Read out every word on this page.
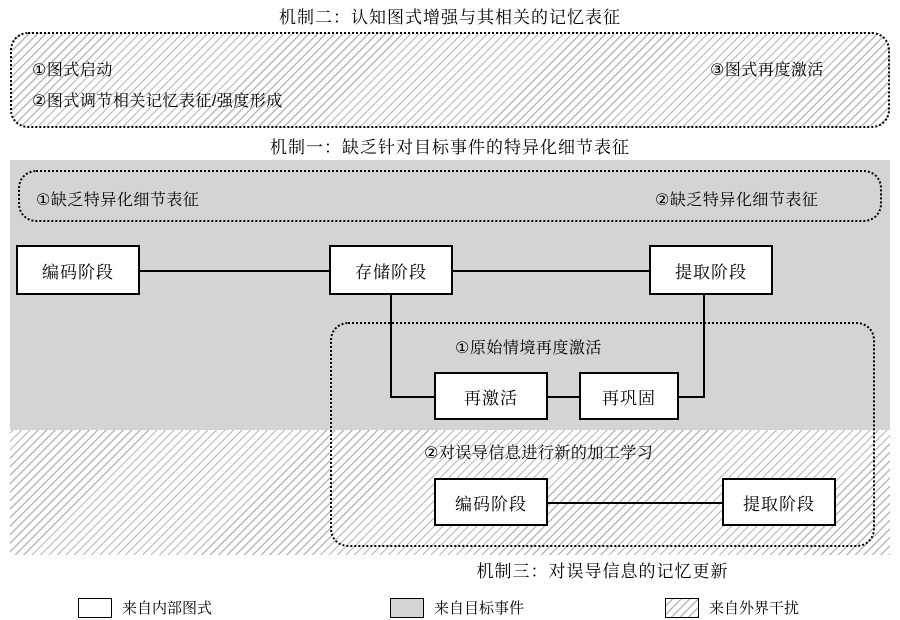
机制二：认知图式增强与其相关的记忆表征
①图式启动
②图式调节相关记忆表征/强度形成
③图式再度激活
机制一：缺乏针对目标事件的特异化细节表征
①缺乏特异化细节表征	②缺乏特异化细节表征
编码阶段	存储阶段	提取阶段
①原始情境再度激活
②对误导信息进行新的加工学习
再激活	再巩固
编码阶段	提取阶段
机制三：对误导信息的记忆更新
来自内部图式	来自目标事件	来自外界干扰
